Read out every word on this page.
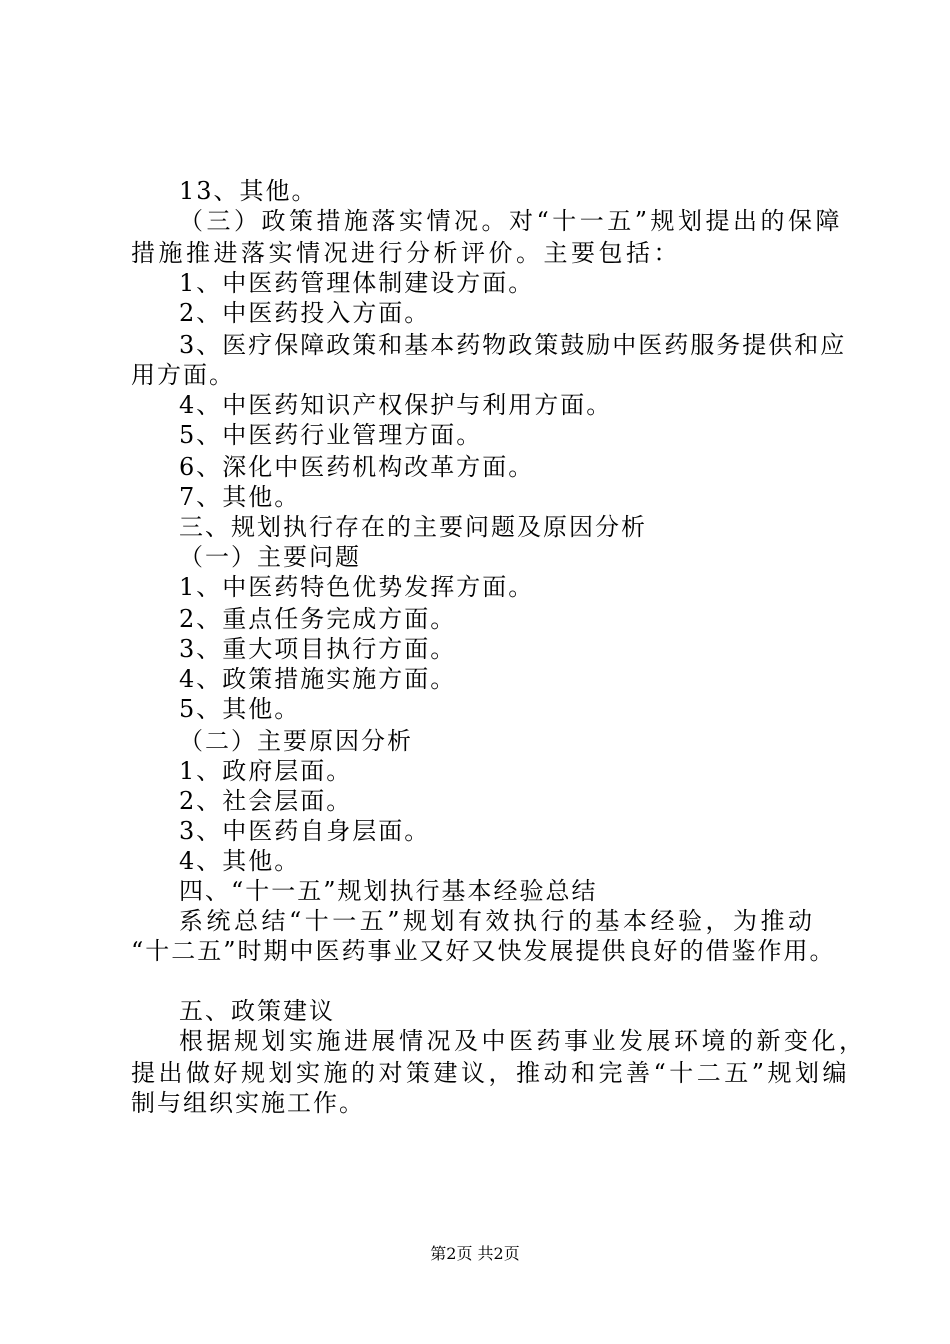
13、其他。
（三）政策措施落实情况。对“十一五”规划提出的保障
措施推进落实情况进行分析评价。主要包括：
1、中医药管理体制建设方面。
2、中医药投入方面。
3、医疗保障政策和基本药物政策鼓励中医药服务提供和应
用方面。
4、中医药知识产权保护与利用方面。
5、中医药行业管理方面。
6、深化中医药机构改革方面。
7、其他。
三、规划执行存在的主要问题及原因分析
（一）主要问题
1、中医药特色优势发挥方面。
2、重点任务完成方面。
3、重大项目执行方面。
4、政策措施实施方面。
5、其他。
（二）主要原因分析
1、政府层面。
2、社会层面。
3、中医药自身层面。
4、其他。
四、“十一五”规划执行基本经验总结
系统总结“十一五”规划有效执行的基本经验，为推动
“十二五”时期中医药事业又好又快发展提供良好的借鉴作用。
五、政策建议
根据规划实施进展情况及中医药事业发展环境的新变化，
提出做好规划实施的对策建议，推动和完善“十二五”规划编
制与组织实施工作。
第2页 共2页
